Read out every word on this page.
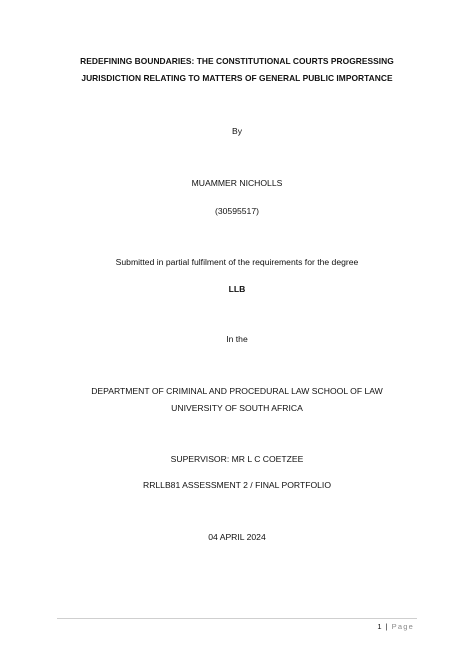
REDEFINING BOUNDARIES: THE CONSTITUTIONAL COURTS PROGRESSING
JURISDICTION RELATING TO MATTERS OF GENERAL PUBLIC IMPORTANCE
By
MUAMMER NICHOLLS
(30595517)
Submitted in partial fulfilment of the requirements for the degree
LLB
In the
DEPARTMENT OF CRIMINAL AND PROCEDURAL LAW SCHOOL OF LAW
UNIVERSITY OF SOUTH AFRICA
SUPERVISOR: MR L C COETZEE
RRLLB81 ASSESSMENT 2 / FINAL PORTFOLIO
04 APRIL 2024
1 | Page
